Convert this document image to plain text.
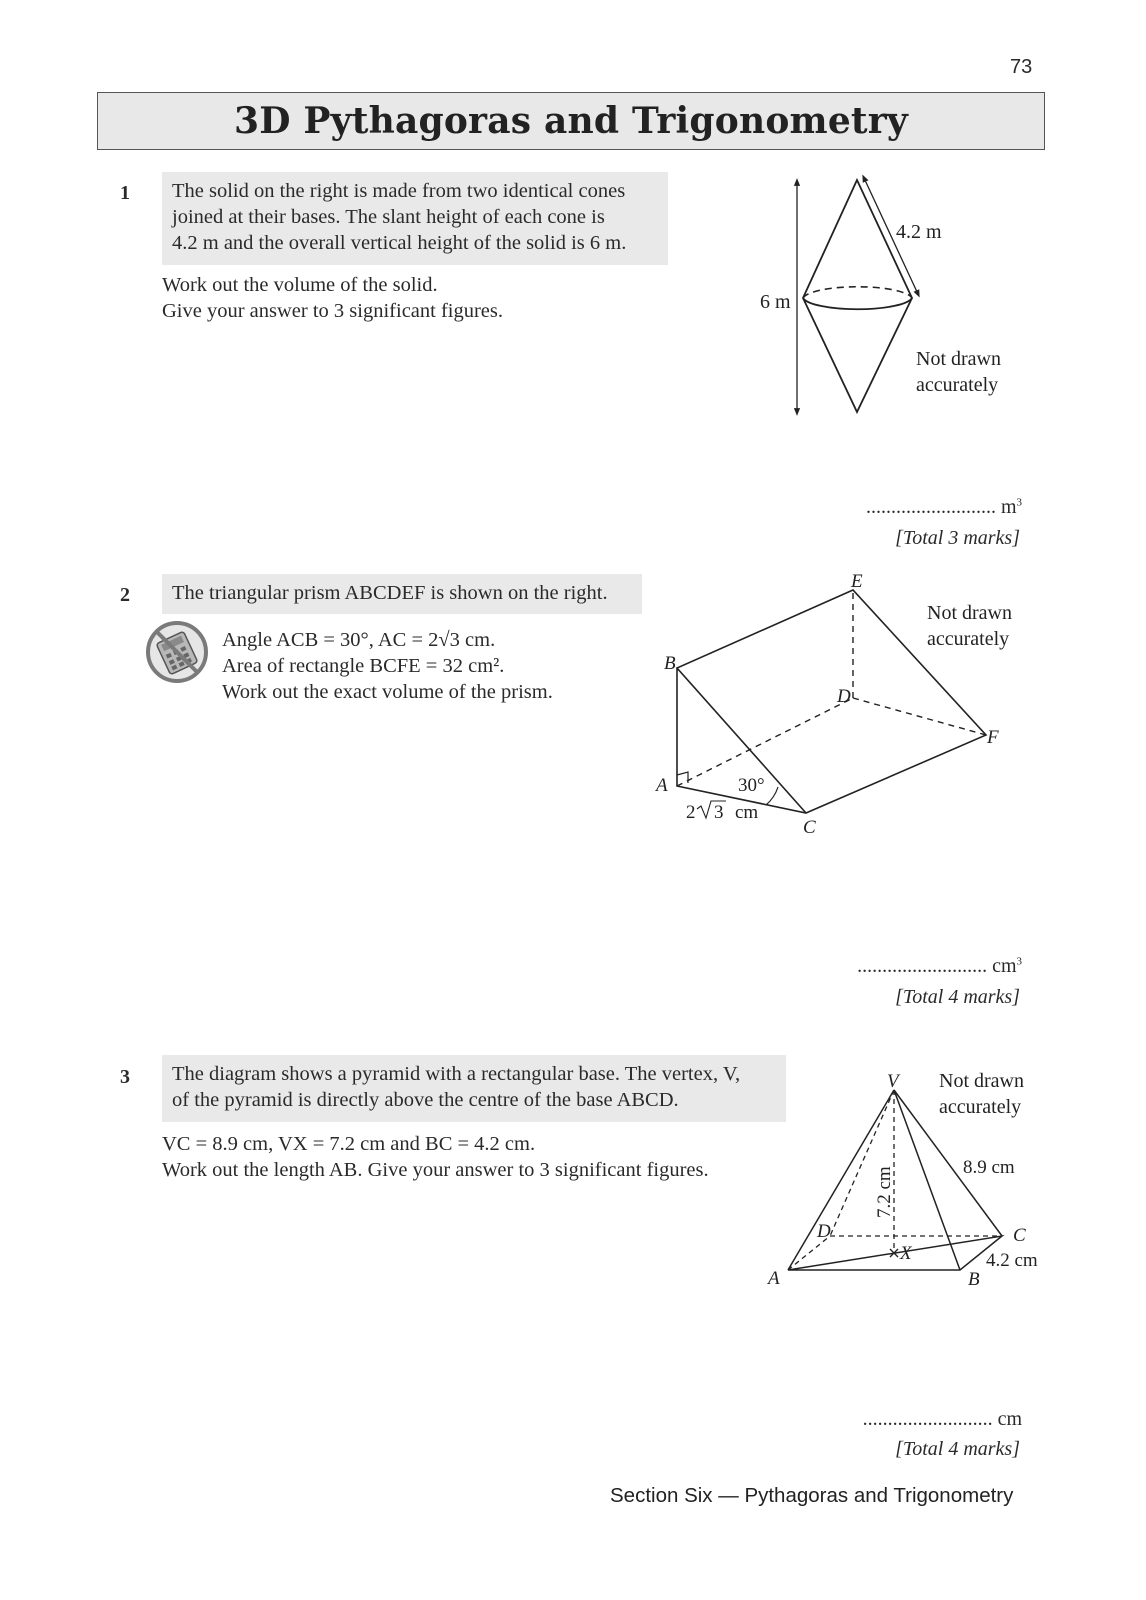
73
3D Pythagoras and Trigonometry
1 The solid on the right is made from two identical cones
joined at their bases. The slant height of each cone is
4.2 m and the overall vertical height of the solid is 6 m.
Work out the volume of the solid.
Give your answer to 3 significant figures.
4.2 m
6 m
Not drawn
accurately
.......................... $m^3$
[Total 3 marks]
2 The triangular prism ABCDEF is shown on the right.
Angle ACB = 30°, AC = 2√3 cm.
Area of rectangle BCFE = 32 cm².
Work out the exact volume of the prism.
B
A
C
D
E
F
30°
2 3 cm
Not drawn
accurately
.......................... $cm^3$
[Total 4 marks]
3 The diagram shows a pyramid with a rectangular base. The vertex, V,
of the pyramid is directly above the centre of the base ABCD.
VC = 8.9 cm, VX = 7.2 cm and BC = 4.2 cm.
Work out the length AB. Give your answer to 3 significant figures.
V
A	B
C
D
X
7.2 cm	8.9 cm
4.2 cm
Not drawn
accurately
.......................... cm
[Total 4 marks]
Section Six — Pythagoras and Trigonometry
